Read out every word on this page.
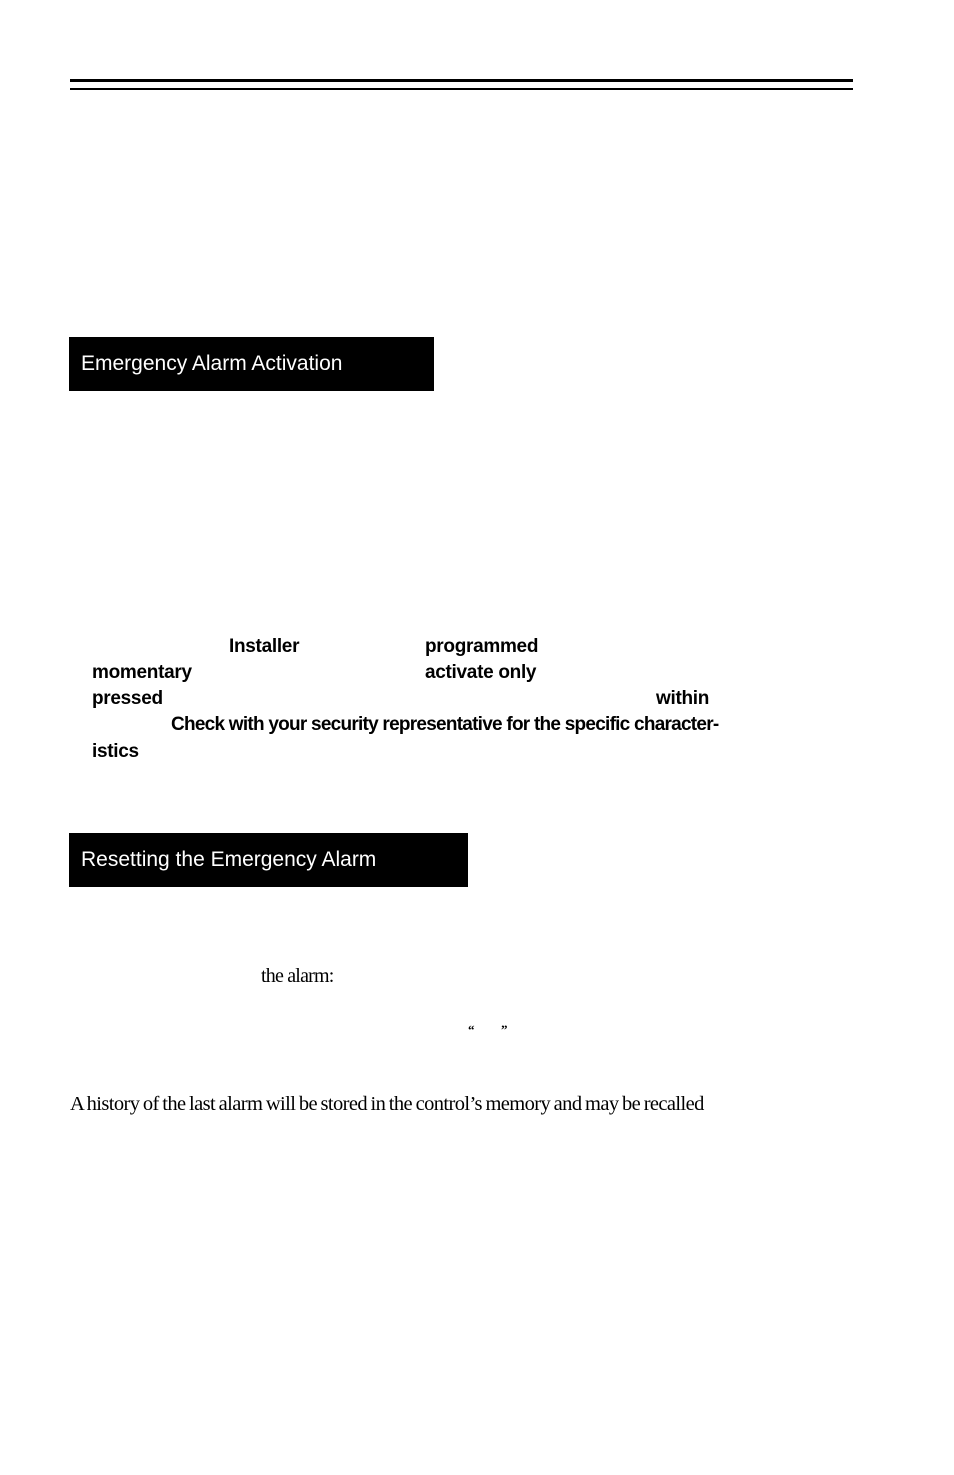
Emergency Alarm Activation
Installer	programmed
momentary	activate only
pressed	within
Check with your security representative for the specific character-
istics
Resetting the Emergency Alarm
the alarm:
“ ”
A history of the last alarm will be stored in the control’s memory and may be recalled
